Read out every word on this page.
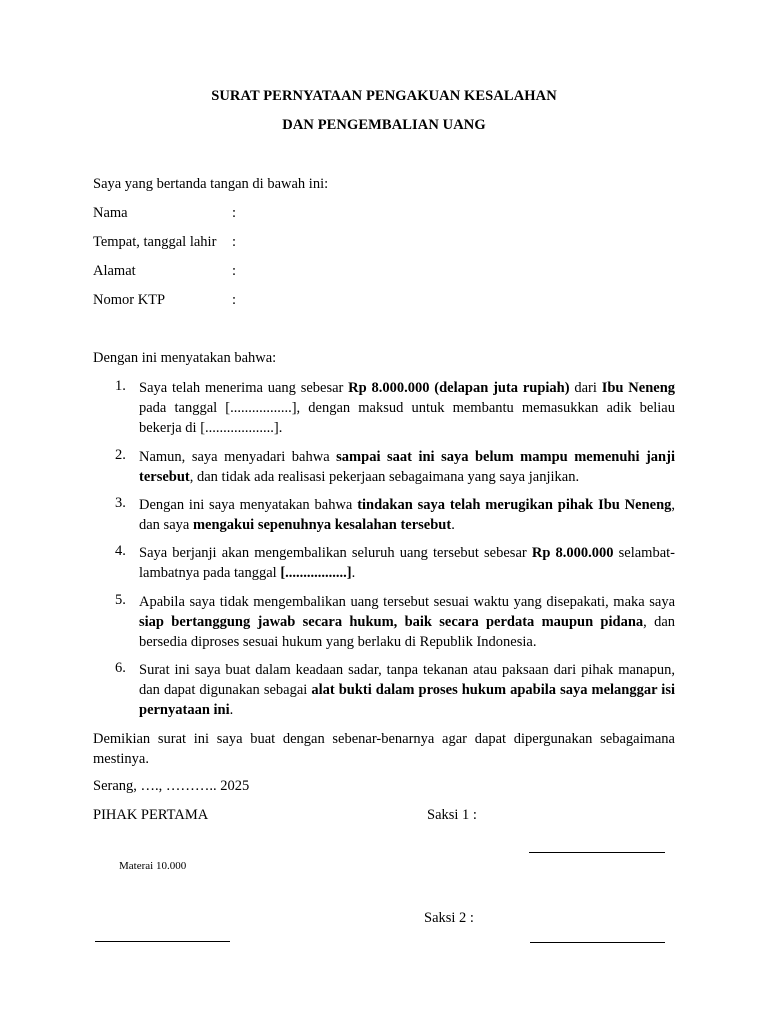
SURAT PERNYATAAN PENGAKUAN KESALAHAN
DAN PENGEMBALIAN UANG
Saya yang bertanda tangan di bawah ini:
Nama	:
Tempat, tanggal lahir :
Alamat	:
Nomor KTP	:
Dengan ini menyatakan bahwa:
1. Saya telah menerima uang sebesar Rp 8.000.000 (delapan juta rupiah) dari Ibu Neneng pada tanggal [.................], dengan maksud untuk membantu memasukkan adik beliau bekerja di [...................].
2. Namun, saya menyadari bahwa sampai saat ini saya belum mampu memenuhi janji tersebut, dan tidak ada realisasi pekerjaan sebagaimana yang saya janjikan.
3. Dengan ini saya menyatakan bahwa tindakan saya telah merugikan pihak Ibu Neneng, dan saya mengakui sepenuhnya kesalahan tersebut.
4. Saya berjanji akan mengembalikan seluruh uang tersebut sebesar Rp 8.000.000 selambat-lambatnya pada tanggal [.................].
5. Apabila saya tidak mengembalikan uang tersebut sesuai waktu yang disepakati, maka saya siap bertanggung jawab secara hukum, baik secara perdata maupun pidana, dan bersedia diproses sesuai hukum yang berlaku di Republik Indonesia.
6. Surat ini saya buat dalam keadaan sadar, tanpa tekanan atau paksaan dari pihak manapun, dan dapat digunakan sebagai alat bukti dalam proses hukum apabila saya melanggar isi pernyataan ini.
Demikian surat ini saya buat dengan sebenar-benarnya agar dapat dipergunakan sebagaimana mestinya.
Serang, …., ……….. 2025
PIHAK PERTAMA	Saksi 1 :
Materai 10.000
Saksi 2 :
